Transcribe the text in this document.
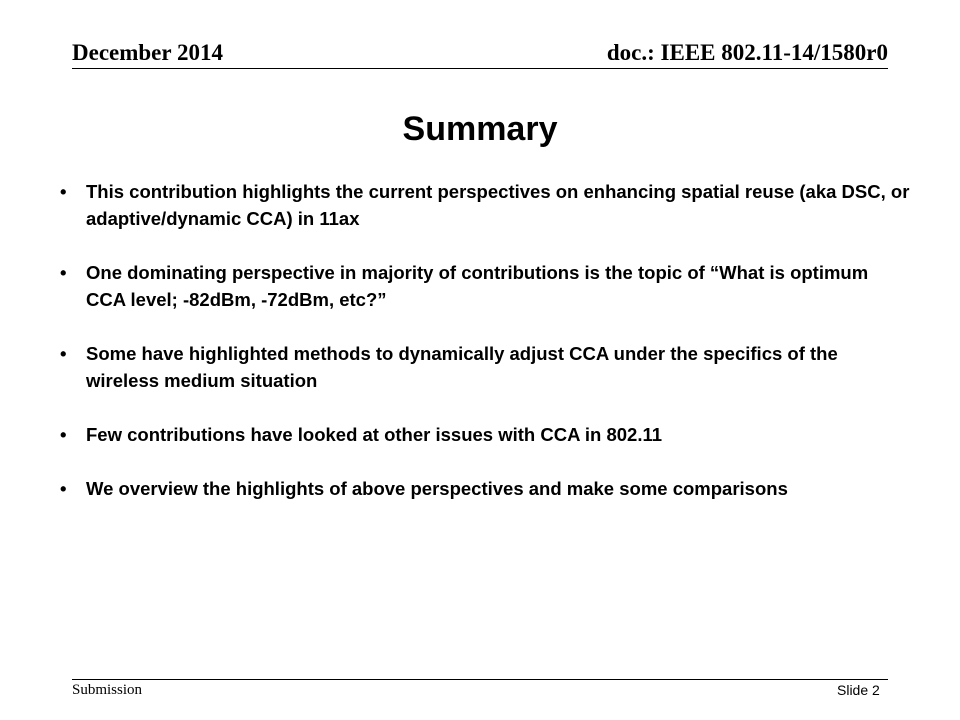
December 2014	doc.: IEEE 802.11-14/1580r0
Summary
• This contribution highlights the current perspectives on enhancing spatial reuse (aka DSC, or adaptive/dynamic CCA) in 11ax
• One dominating perspective in majority of contributions is the topic of “What is optimum CCA level; -82dBm, -72dBm, etc?”
• Some have highlighted methods to dynamically adjust CCA under the specifics of the wireless medium situation
• Few contributions have looked at other issues with CCA in 802.11
• We overview the highlights of above perspectives and make some comparisons
Submission	Slide 2
